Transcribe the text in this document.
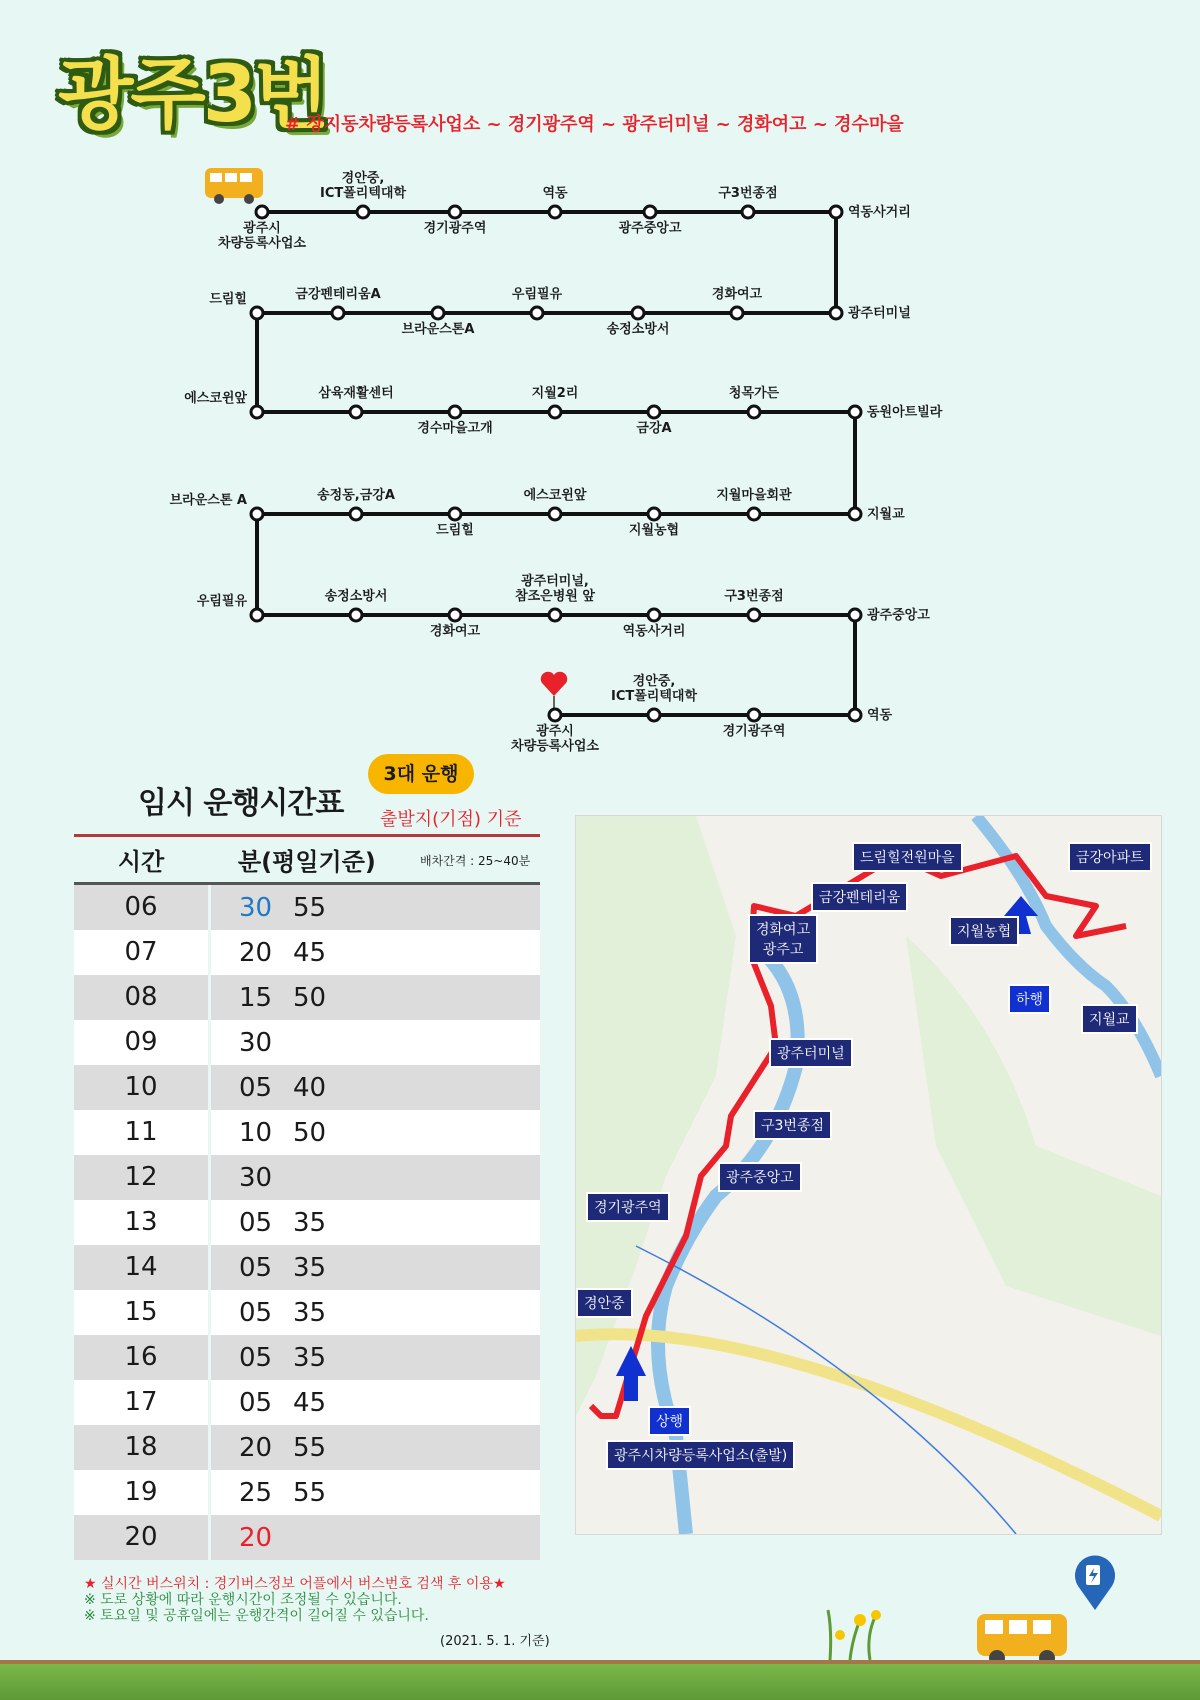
광주3번
# 장지동차량등록사업소 ~ 경기광주역 ~ 광주터미널 ~ 경화여고 ~ 경수마을
광주시
차량등록사업소
경안중,
ICT폴리텍대학
경기광주역
역동
광주중앙고
구3번종점
역동사거리
광주터미널
경화여고
송정소방서
우림필유
브라운스톤A
금강펜테리움A
드림힐
에스코윈앞	삼육재활센터
경수마을고개
지월2리
금강A
청목가든
동원아트빌라
지월교
지월마을회관
지월농협
에스코윈앞
드림힐
송정동,금강A
브라운스톤 A
우림필유	송정소방서
경화여고
광주터미널,
참조은병원 앞
역동사거리
구3번종점
광주중앙고
역동
경기광주역
경안중,
ICT폴리텍대학
광주시
차량등록사업소
임시 운행시간표
3대 운행
출발지(기점) 기준
시간	분(평일기준)	배차간격 : 25~40분
06	30 55
07	20 45
08	15 50
09	30
10	05 40
11	10 50
12	30
13	05 35
14	05 35
15	05 35
16	05 35
17	05 45
18	20 55
19	25 55
20	20
★ 실시간 버스위치 : 경기버스정보 어플에서 버스번호 검색 후 이용★
※ 도로 상황에 따라 운행시간이 조정될 수 있습니다.
※ 토요일 및 공휴일에는 운행간격이 길어질 수 있습니다.
(2021. 5. 1. 기준)
드림힐전원마을	금강아파트
금강펜테리움
경화여고
광주고
지월농협
하행
지월교
광주터미널
구3번종점
광주중앙고
경기광주역
경안중
상행
광주시차량등록사업소(출발)
